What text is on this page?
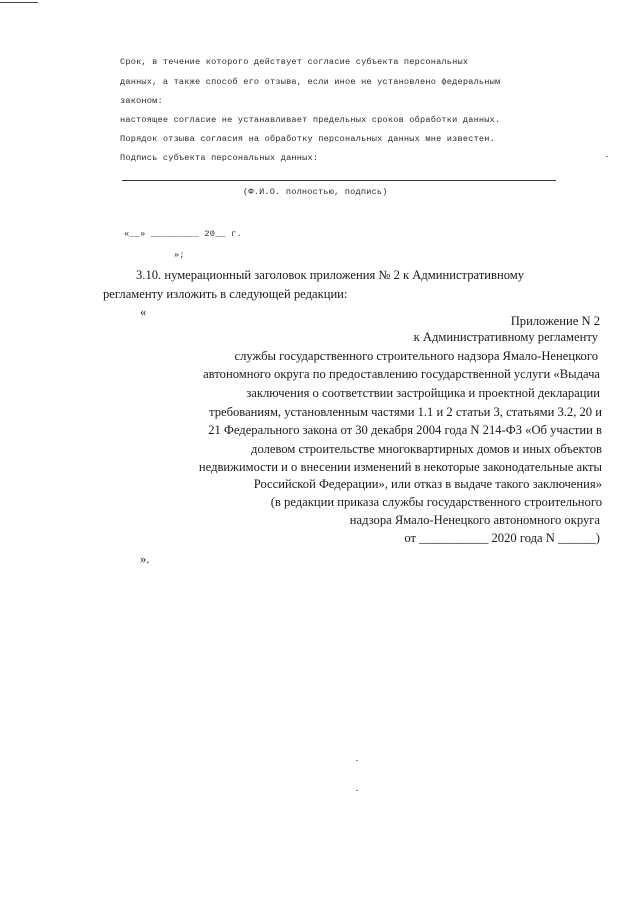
Срок, в течение которого действует согласие субъекта персональных
данных, а также способ его отзыва, если иное не установлено федеральным
законом:
настоящее согласие не устанавливает предельных сроков обработки данных.
Порядок отзыва согласия на обработку персональных данных мне известен.
Подпись субъекта персональных данных:
(Ф.И.О. полностью, подпись)
«__» _________ 20__ г.
»;
3.10. нумерационный заголовок приложения № 2 к Административному
регламенту изложить в следующей редакции:
«
Приложение N 2
к Административному регламенту
службы государственного строительного надзора Ямало-Ненецкого
автономного округа по предоставлению государственной услуги «Выдача
заключения о соответствии застройщика и проектной декларации
требованиям, установленным частями 1.1 и 2 статьи 3, статьями 3.2, 20 и
21 Федерального закона от 30 декабря 2004 года N 214-ФЗ «Об участии в
долевом строительстве многоквартирных домов и иных объектов
недвижимости и о внесении изменений в некоторые законодательные акты
Российской Федерации», или отказ в выдаче такого заключения»
(в редакции приказа службы государственного строительного
надзора Ямало-Ненецкого автономного округа
от ___________ 2020 года N ______)
».
